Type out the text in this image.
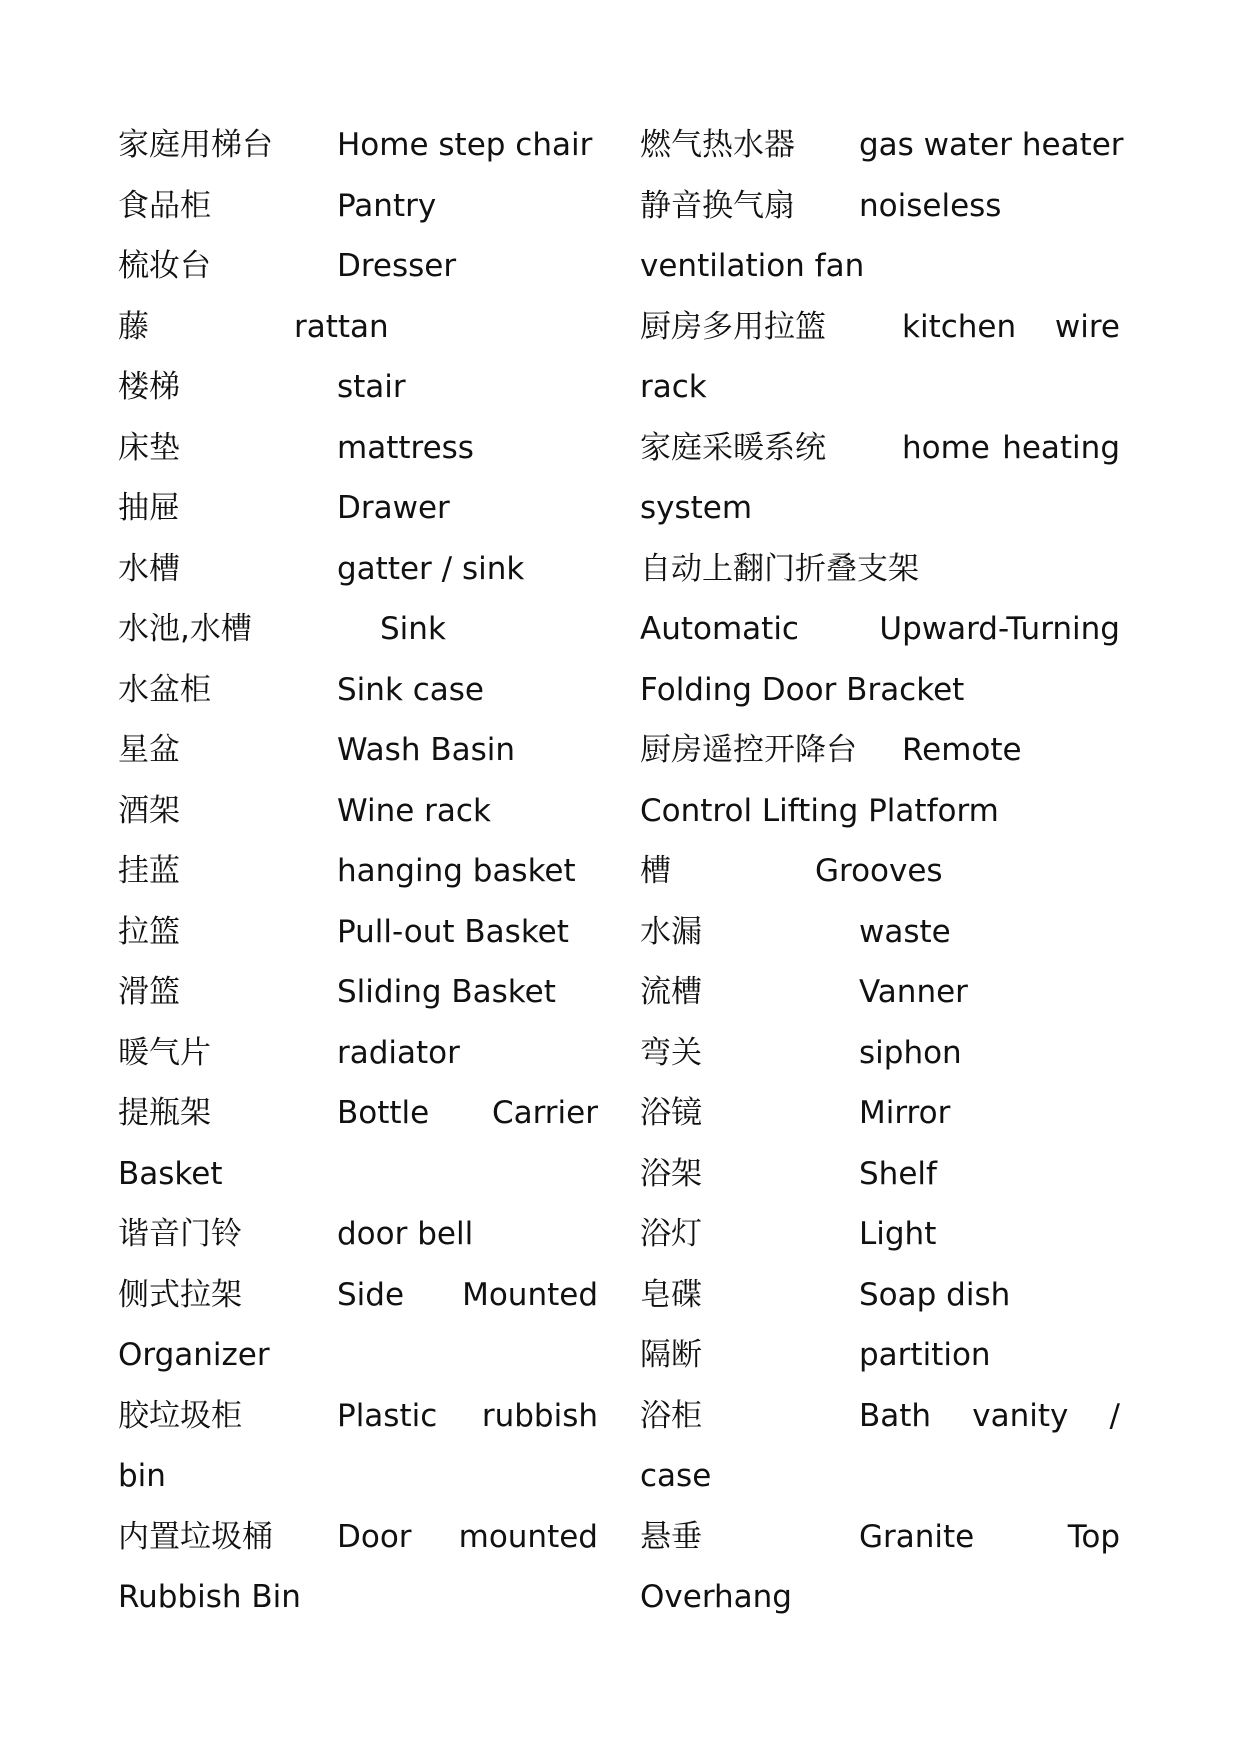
家庭用梯台 Home step chair
食品柜	Pantry
梳妆台	Dresser
藤	rattan
楼梯	stair
床垫	mattress
抽屉	Drawer
水槽	gatter / sink
水池,水槽	Sink
水盆柜	Sink case
星盆	Wash Basin
酒架	Wine rack
挂蓝	hanging basket
拉篮	Pull-out Basket
滑篮	Sliding Basket
暖气片	radiator
提瓶架	Bottle Carrier
Basket
谐音门铃	door bell
侧式拉架	Side Mounted
Organizer
胶垃圾柜	Plastic rubbish
bin
内置垃圾桶 Door mounted
Rubbish Bin
燃气热水器 gas water heater
静音换气扇 noiseless
ventilation fan
厨房多用拉篮 kitchen wire
rack
家庭采暖系统 home heating
system
自动上翻门折叠支架
Automatic	Upward-Turning
Folding Door Bracket
厨房遥控开降台 Remote
Control Lifting Platform
槽	Grooves
水漏	waste
流槽	Vanner
弯关	siphon
浴镜	Mirror
浴架	Shelf
浴灯	Light
皂碟	Soap dish
隔断	partition
浴柜	Bath vanity /
case
悬垂	Granite	Top
Overhang
